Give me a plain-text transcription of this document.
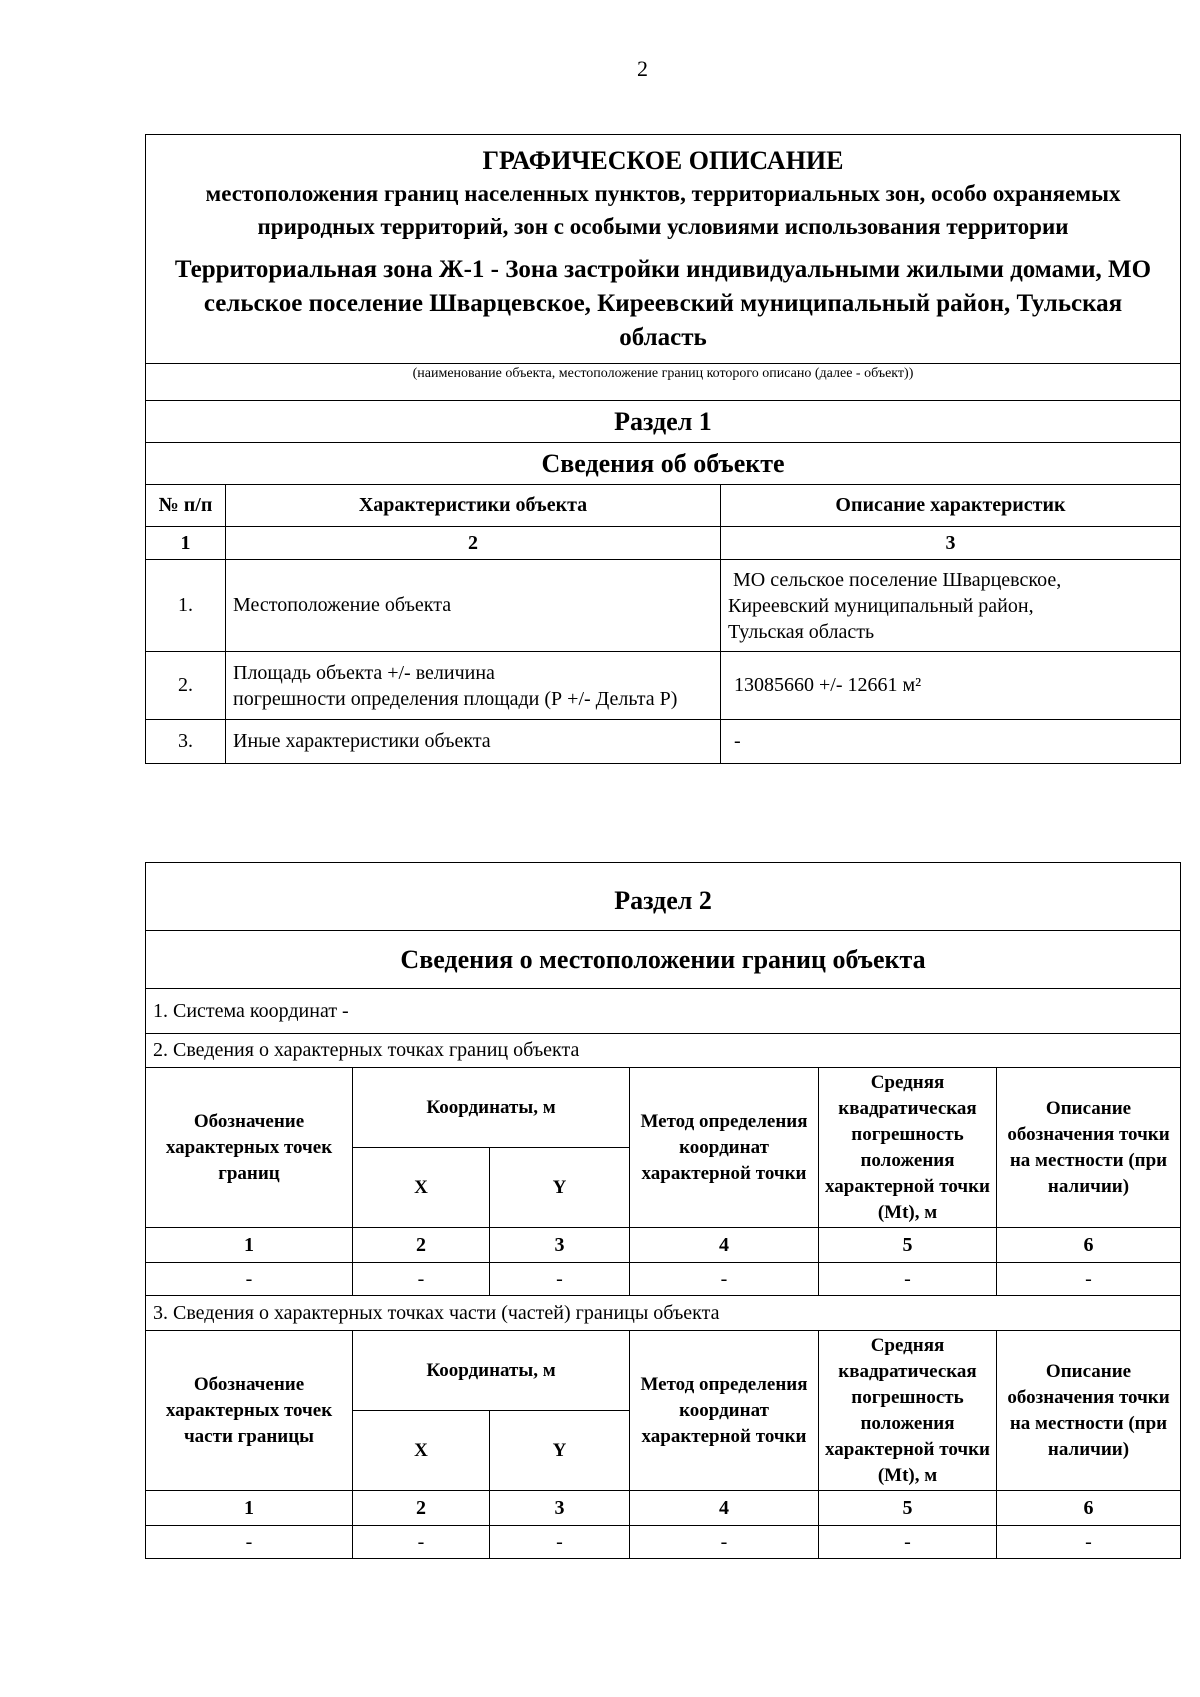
2
ГРАФИЧЕСКОЕ ОПИСАНИЕ
местоположения границ населенных пунктов, территориальных зон, особо охраняемых природных территорий, зон с особыми условиями использования территории
Территориальная зона Ж-1 - Зона застройки индивидуальными жилыми домами, МО сельское поселение Шварцевское, Киреевский муниципальный район, Тульская область		

(наименование объекта, местоположение границ которого описано (далее - объект))		
Раздел 1		
Сведения об объекте		
№ п/п	Характеристики объекта	Описание характеристик
1	2	3
1.	Местоположение объекта	МО сельское поселение Шварцевское,
Киреевский муниципальный район,
Тульская область

2.	Площадь объекта +/- величина
погрешности определения площади (Р +/- Дельта Р)	13085660 +/- 12661 м²
3.	Иные характеристики объекта	-
Раздел 2					
Сведения о местоположении границ объекта					
1. Система координат -					
2. Сведения о характерных точках границ объекта					
Обозначение характерных точек границ	Координаты, м		Метод определения координат характерной точки	Средняя квадратическая погрешность положения характерной точки (Mt), м	Описание обозначения точки на местности (при наличии)
	X	Y			
1	2	3	4	5	6
-	-	-	-	-	-
3. Сведения о характерных точках части (частей) границы объекта					
Обозначение характерных точек части границы	Координаты, м		Метод определения координат характерной точки	Средняя квадратическая погрешность положения характерной точки (Mt), м	Описание обозначения точки на местности (при наличии)
	X	Y			
1	2	3	4	5	6
-	-	-	-	-	-
